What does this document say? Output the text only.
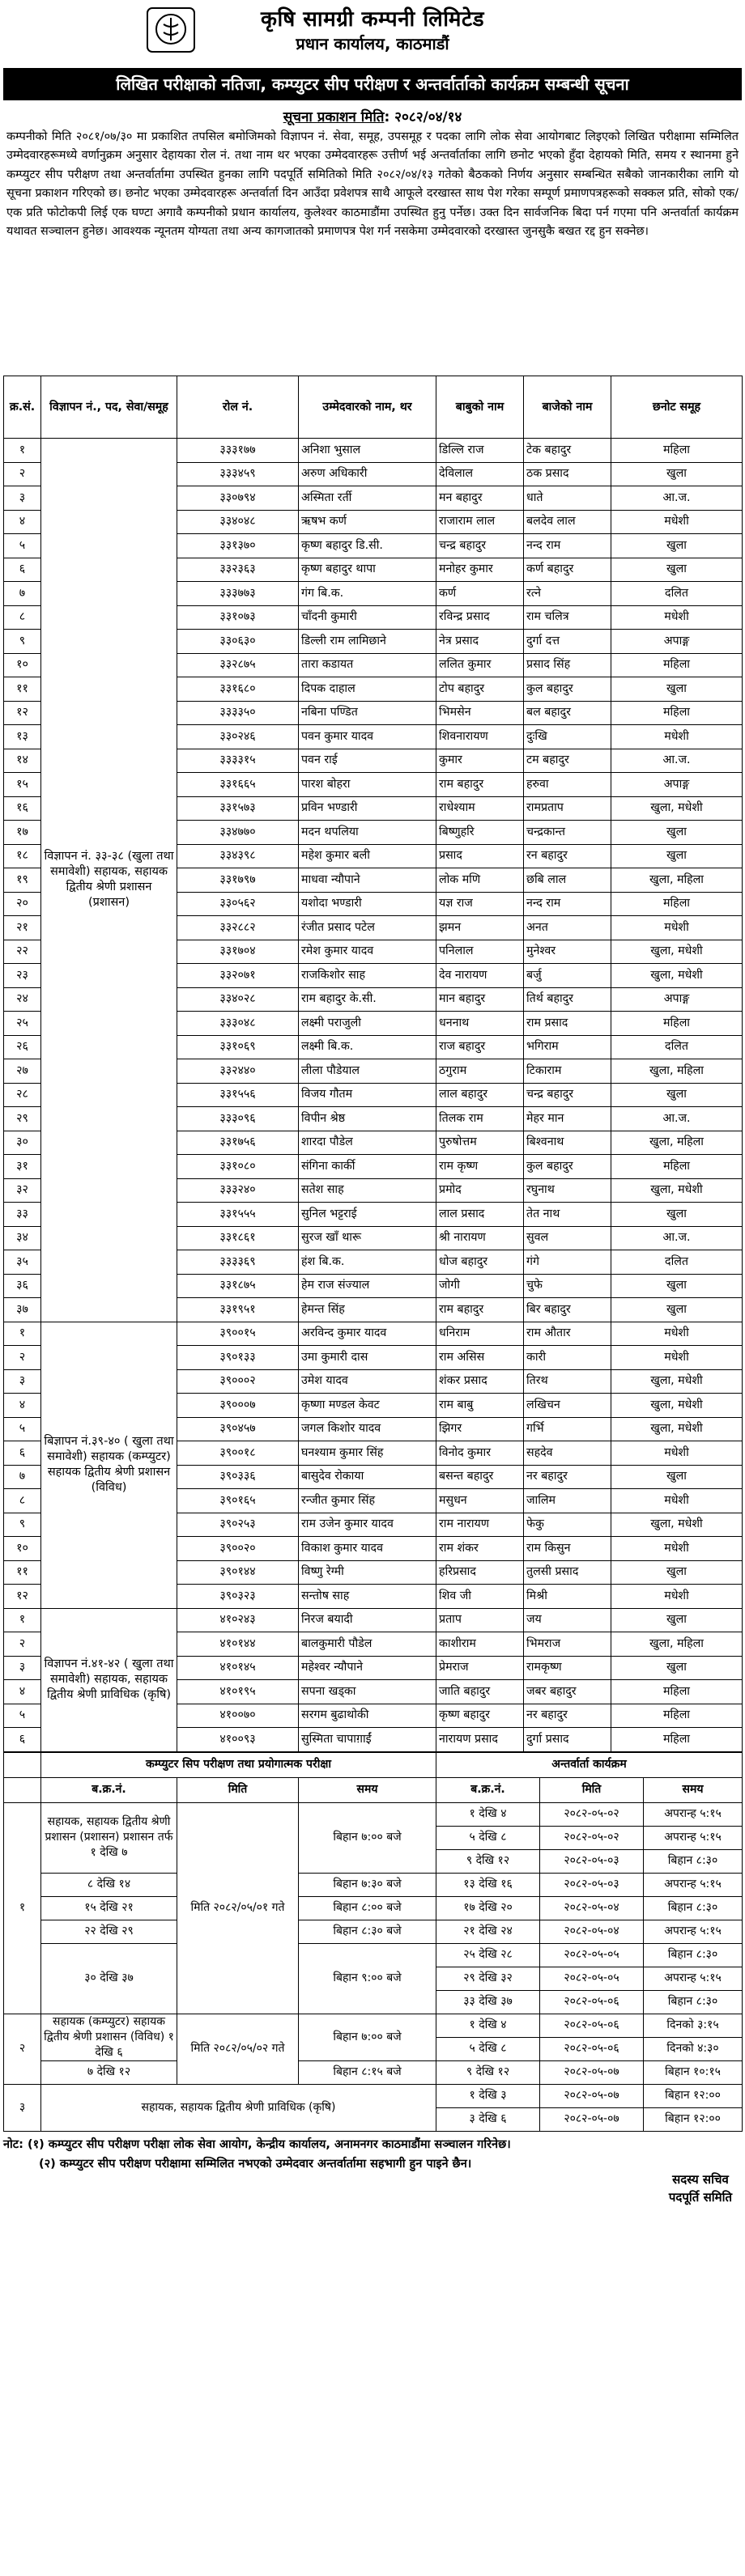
कृषि सामग्री कम्पनी लिमिटेड
प्रधान कार्यालय, काठमाडौं
लिखित परीक्षाको नतिजा, कम्प्युटर सीप परीक्षण र अन्तर्वार्ताको कार्यक्रम सम्बन्धी सूचना
सूचना प्रकाशन मिति: २०८२/०४/१४
कम्पनीको मिति २०८१/०७/३० मा प्रकाशित तपसिल बमोजिमको विज्ञापन नं. सेवा, समूह, उपसमूह र पदका लागि लोक सेवा आयोगबाट लिइएको लिखित परीक्षामा सम्मिलित उम्मेदवारहरूमध्ये वर्णानुक्रम अनुसार देहायका रोल नं. तथा नाम थर भएका उम्मेदवारहरू उत्तीर्ण भई अन्तर्वार्ताका लागि छनोट भएको हुँदा देहायको मिति, समय र स्थानमा हुने कम्प्युटर सीप परीक्षण तथा अन्तर्वार्तामा उपस्थित हुनका लागि पदपूर्ति समितिको मिति २०८२/०४/१३ गतेको बैठकको निर्णय अनुसार सम्बन्धित सबैको जानकारीका लागि यो सूचना प्रकाशन गरिएको छ। छनोट भएका उम्मेदवारहरू अन्तर्वार्ता दिन आउँदा प्रवेशपत्र साथै आफूले दरखास्त साथ पेश गरेका सम्पूर्ण प्रमाणपत्रहरूको सक्कल प्रति, सोको एक/एक प्रति फोटोकपी लिई एक घण्टा अगावै कम्पनीको प्रधान कार्यालय, कुलेश्वर काठमाडौंमा उपस्थित हुनु पर्नेछ। उक्त दिन सार्वजनिक बिदा पर्न गएमा पनि अन्तर्वार्ता कार्यक्रम यथावत सञ्चालन हुनेछ। आवश्यक न्यूनतम योग्यता तथा अन्य कागजातको प्रमाणपत्र पेश गर्न नसकेमा उम्मेदवारको दरखास्त जुनसुकै बखत रद्द हुन सक्नेछ।
क्र.सं.	विज्ञापन नं., पद, सेवा/समूह	रोल नं.	उम्मेदवारको नाम, थर	बाबुको नाम	बाजेको नाम	छनोट समूह
१	विज्ञापन नं. ३३-३८ (खुला तथा समावेशी) सहायक, सहायक द्वितीय श्रेणी प्रशासन (प्रशासन)	३३३१७७	अनिशा भुसाल	डिल्लि राज	टेक बहादुर	महिला
२		३३३४५९	अरुण अधिकारी	देविलाल	ठक प्रसाद	खुला
३		३३०७९४	अस्मिता रर्ती	मन बहादुर	धाते	आ.ज.
४		३३४०४८	ऋषभ कर्ण	राजाराम लाल	बलदेव लाल	मधेशी
५		३३१३७०	कृष्ण बहादुर डि.सी.	चन्द्र बहादुर	नन्द राम	खुला
६		३३२३६३	कृष्ण बहादुर थापा	मनोहर कुमार	कर्ण बहादुर	खुला
७		३३३७७३	गंग बि.क.	कर्ण	रत्ने	दलित
८		३३१०७३	चाँदनी कुमारी	रविन्द्र प्रसाद	राम चलित्र	मधेशी
९		३३०६३०	डिल्ली राम लामिछाने	नेत्र प्रसाद	दुर्गा दत्त	अपाङ्ग
१०		३३२८७५	तारा कडायत	ललित कुमार	प्रसाद सिंह	महिला
११		३३१६८०	दिपक दाहाल	टोप बहादुर	कुल बहादुर	खुला
१२		३३३३५०	नबिना पण्डित	भिमसेन	बल बहादुर	महिला
१३		३३०२४६	पवन कुमार यादव	शिवनारायण	दुःखि	मधेशी
१४		३३३३१५	पवन राई	कुमार	टम बहादुर	आ.ज.
१५		३३१६६५	पारश बोहरा	राम बहादुर	हरुवा	अपाङ्ग
१६		३३१५७३	प्रविन भण्डारी	राधेश्याम	रामप्रताप	खुला, मधेशी
१७		३३४७७०	मदन थपलिया	बिष्णुहरि	चन्द्रकान्त	खुला
१८		३३४३९८	महेश कुमार बली	प्रसाद	रन बहादुर	खुला
१९		३३१७९७	माधवा न्यौपाने	लोक मणि	छबि लाल	खुला, महिला
२०		३३०५६२	यशोदा भण्डारी	यज्ञ राज	नन्द राम	महिला
२१		३३२८८२	रंजीत प्रसाद पटेल	झमन	अनत	मधेशी
२२		३३१७०४	रमेश कुमार यादव	पनिलाल	मुनेश्वर	खुला, मधेशी
२३		३३२०७१	राजकिशोर साह	देव नारायण	बर्जु	खुला, मधेशी
२४		३३४०२८	राम बहादुर के.सी.	मान बहादुर	तिर्थ बहादुर	अपाङ्ग
२५		३३३०४८	लक्ष्मी पराजुली	धननाथ	राम प्रसाद	महिला
२६		३३१०६९	लक्ष्मी बि.क.	राज बहादुर	भगिराम	दलित
२७		३३२४४०	लीला पौडेयाल	ठगुराम	टिकाराम	खुला, महिला
२८		३३१५५६	विजय गौतम	लाल बहादुर	चन्द्र बहादुर	खुला
२९		३३३०९६	विपीन श्रेष्ठ	तिलक राम	मेहर मान	आ.ज.
३०		३३१७५६	शारदा पौडेल	पुरुषोत्तम	बिश्वनाथ	खुला, महिला
३१		३३१०८०	संगिना कार्की	राम कृष्ण	कुल बहादुर	महिला
३२		३३३२४०	सतेश साह	प्रमोद	रघुनाथ	खुला, मधेशी
३३		३३१५५५	सुनिल भट्टराई	लाल प्रसाद	तेत नाथ	खुला
३४		३३१८६१	सुरज खाँ थारू	श्री नारायण	सुवल	आ.ज.
३५		३३३३६९	हंश बि.क.	धोज बहादुर	गंगे	दलित
३६		३३१८७५	हेम राज संज्याल	जोगी	चुफे	खुला
३७		३३१९५१	हेमन्त सिंह	राम बहादुर	बिर बहादुर	खुला
१	बिज्ञापन नं.३९-४० ( खुला तथा समावेशी) सहायक (कम्प्युटर) सहायक द्वितीय श्रेणी प्रशासन (विविध)	३९००१५	अरविन्द कुमार यादव	धनिराम	राम औतार	मधेशी
२		३९०१३३	उमा कुमारी दास	राम असिस	कारी	मधेशी
३		३९०००२	उमेश यादव	शंकर प्रसाद	तिरथ	खुला, मधेशी
४		३९०००७	कृष्णा मण्डल केवट	राम बाबु	लखिचन	खुला, मधेशी
५		३९०४५७	जगल किशोर यादव	झिगर	गर्भि	खुला, मधेशी
६		३९००१८	घनश्याम कुमार सिंह	विनोद कुमार	सहदेव	मधेशी
७		३९०३३६	बासुदेव रोकाया	बसन्त बहादुर	नर बहादुर	खुला
८		३९०१६५	रन्जीत कुमार सिंह	मसुधन	जालिम	मधेशी
९		३९०२५३	राम उजेन कुमार यादव	राम नारायण	फेकु	खुला, मधेशी
१०		३९००२०	विकाश कुमार यादव	राम शंकर	राम किसुन	मधेशी
११		३९०१४४	विष्णु रेग्मी	हरिप्रसाद	तुलसी प्रसाद	खुला
१२		३९०३२३	सन्तोष साह	शिव जी	मिश्री	मधेशी
१	विज्ञापन नं.४१-४२ ( खुला तथा समावेशी) सहायक, सहायक द्वितीय श्रेणी प्राविधिक (कृषि)	४१०२४३	निरज बयादी	प्रताप	जय	खुला
२		४१०१४४	बालकुमारी पौडेल	काशीराम	भिमराज	खुला, महिला
३		४१०१४५	महेश्वर न्यौपाने	प्रेमराज	रामकृष्ण	खुला
४		४१०१९५	सपना खड्का	जाति बहादुर	जबर बहादुर	महिला
५		४१००७०	सरगम बुढाथोकी	कृष्ण बहादुर	नर बहादुर	महिला
६		४१००९३	सुस्मिता चापाग़ाईं	नारायण प्रसाद	दुर्गा प्रसाद	महिला
	कम्प्युटर सिप परीक्षण तथा प्रयोगात्मक परीक्षा			अन्तर्वार्ता कार्यक्रम		
	ब.क्र.नं.	मिति	समय	ब.क्र.नं.	मिति	समय
१	सहायक, सहायक द्वितीय श्रेणी प्रशासन (प्रशासन) प्रशासन तर्फ १ देखि ७	मिति २०८२/०५/०१ गते	बिहान ७:०० बजे	१ देखि ४	२०८२-०५-०२	अपरान्ह ५:१५
				५ देखि ८	२०८२-०५-०२	अपरान्ह ५:१५
				९ देखि १२	२०८२-०५-०३	बिहान ८:३०
	८ देखि १४		बिहान ७:३० बजे	१३ देखि १६	२०८२-०५-०३	अपरान्ह ५:१५
	१५ देखि २१		बिहान ८:०० बजे	१७ देखि २०	२०८२-०५-०४	बिहान ८:३०
	२२ देखि २९		बिहान ८:३० बजे	२१ देखि २४	२०८२-०५-०४	अपरान्ह ५:१५
	३० देखि ३७		बिहान ९:०० बजे	२५ देखि २८	२०८२-०५-०५	बिहान ८:३०
				२९ देखि ३२	२०८२-०५-०५	अपरान्ह ५:१५
				३३ देखि ३७	२०८२-०५-०६	बिहान ८:३०
२	सहायक (कम्प्युटर) सहायक द्वितीय श्रेणी प्रशासन (विविध) १ देखि ६	मिति २०८२/०५/०२ गते	बिहान ७:०० बजे	१ देखि ४	२०८२-०५-०६	दिनको ३:१५
				५ देखि ८	२०८२-०५-०६	दिनको ४:३०
	७ देखि १२		बिहान ८:१५ बजे	९ देखि १२	२०८२-०५-०७	बिहान १०:१५
३	सहायक, सहायक द्वितीय श्रेणी प्राविधिक (कृषि)			१ देखि ३	२०८२-०५-०७	बिहान १२:००
				३ देखि ६	२०८२-०५-०७	बिहान १२:००
नोट: (१) कम्प्युटर सीप परीक्षण परीक्षा लोक सेवा आयोग, केन्द्रीय कार्यालय, अनामनगर काठमाडौंमा सञ्चालन गरिनेछ।
(२) कम्प्युटर सीप परीक्षण परीक्षामा सम्मिलित नभएको उम्मेदवार अन्तर्वार्तामा सहभागी हुन पाइने छैन।
सदस्य सचिव
पदपूर्ति समिति
